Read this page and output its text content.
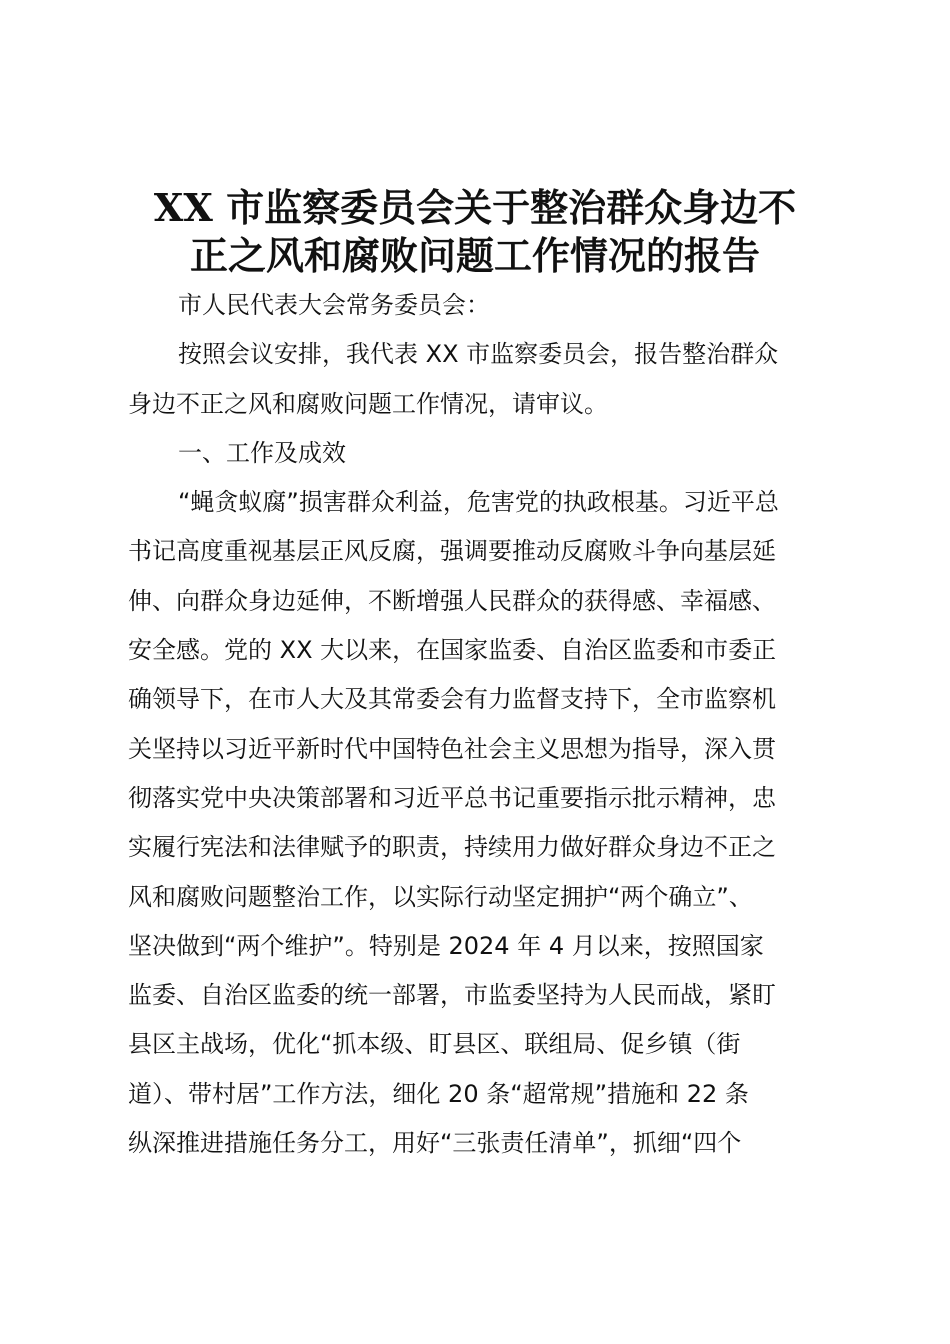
XX 市监察委员会关于整治群众身边不
正之风和腐败问题工作情况的报告
市人民代表大会常务委员会：
按照会议安排，我代表 XX 市监察委员会，报告整治群众
身边不正之风和腐败问题工作情况，请审议。
一、工作及成效
“蝇贪蚁腐”损害群众利益，危害党的执政根基。习近平总
书记高度重视基层正风反腐，强调要推动反腐败斗争向基层延
伸、向群众身边延伸，不断增强人民群众的获得感、幸福感、
安全感。党的 XX 大以来，在国家监委、自治区监委和市委正
确领导下，在市人大及其常委会有力监督支持下，全市监察机
关坚持以习近平新时代中国特色社会主义思想为指导，深入贯
彻落实党中央决策部署和习近平总书记重要指示批示精神，忠
实履行宪法和法律赋予的职责，持续用力做好群众身边不正之
风和腐败问题整治工作，以实际行动坚定拥护“两个确立”、
坚决做到“两个维护”。特别是 2024 年 4 月以来，按照国家
监委、自治区监委的统一部署，市监委坚持为人民而战，紧盯
县区主战场，优化“抓本级、盯县区、联组局、促乡镇（街
道）、带村居”工作方法，细化 20 条“超常规”措施和 22 条
纵深推进措施任务分工，用好“三张责任清单”，抓细“四个
